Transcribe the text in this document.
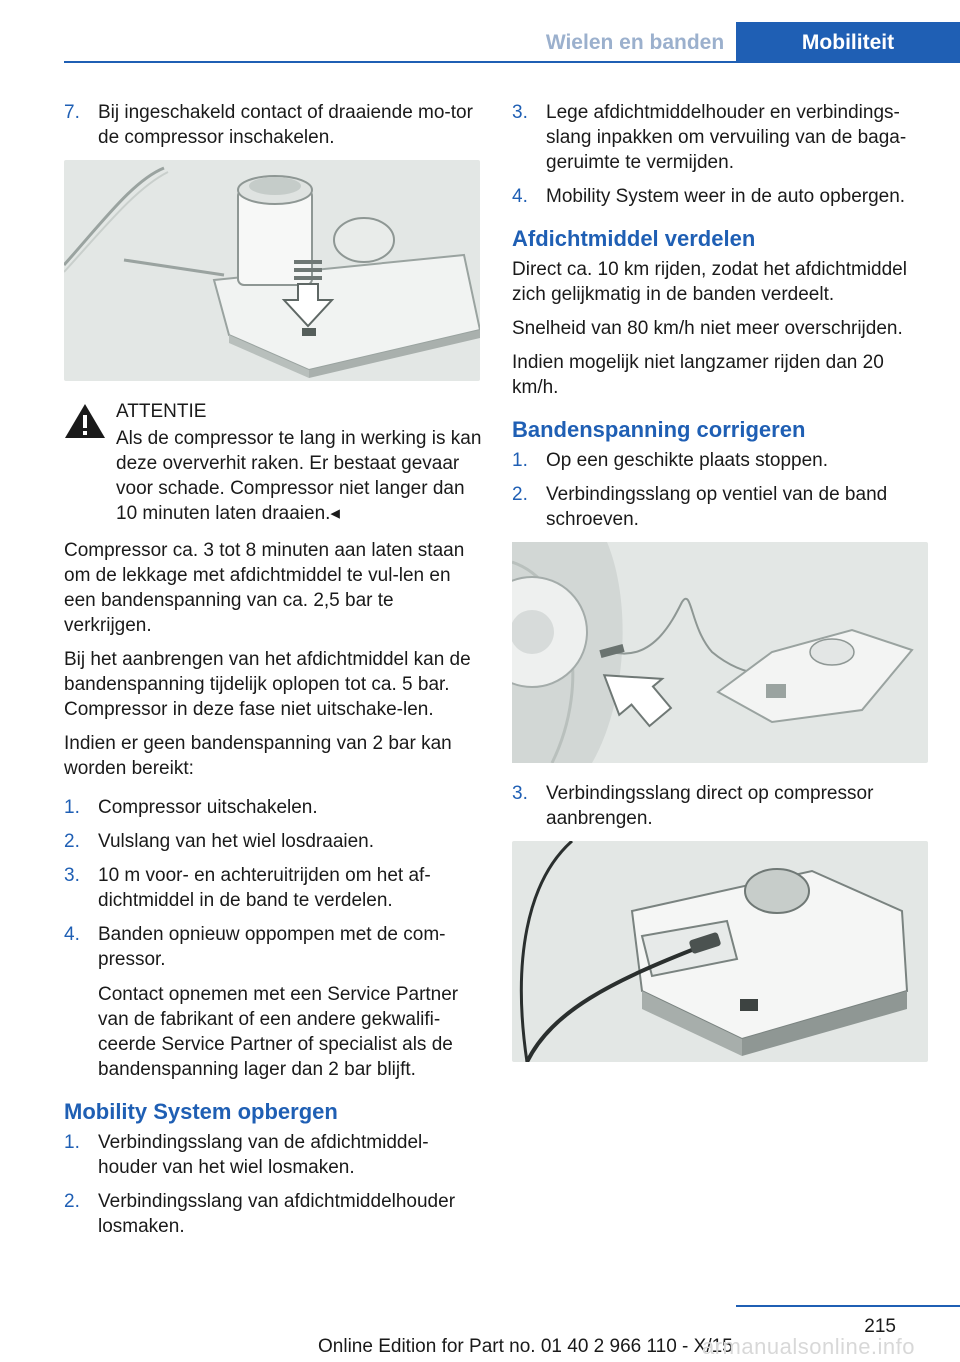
Wielen en banden	Mobiliteit
7. Bij ingeschakeld contact of draaiende mo‐tor de compressor inschakelen.
ATTENTIE
Als de compressor te lang in werking is kan deze oververhit raken. Er bestaat gevaar voor schade. Compressor niet langer dan 10 minuten laten draaien.◂

Compressor ca. 3 tot 8 minuten aan laten staan om de lekkage met afdichtmiddel te vul‐len en een bandenspanning van ca. 2,5 bar te verkrijgen.

Bij het aanbrengen van het afdichtmiddel kan de bandenspanning tijdelijk oplopen tot ca. 5 bar. Compressor in deze fase niet uitschake‐len.

Indien er geen bandenspanning van 2 bar kan worden bereikt:

1. Compressor uitschakelen.
2. Vulslang van het wiel losdraaien.
3. 10 m voor- en achteruitrijden om het af‐dichtmiddel in de band te verdelen.
4. Banden opnieuw oppompen met de com‐pressor.
Contact opnemen met een Service Partner van de fabrikant of een andere gekwalifi‐ceerde Service Partner of specialist als de bandenspanning lager dan 2 bar blijft.
Mobility System opbergen
1. Verbindingsslang van de afdichtmiddel‐houder van het wiel losmaken.
2. Verbindingsslang van afdichtmiddelhouder losmaken.
3. Lege afdichtmiddelhouder en verbindings‐slang inpakken om vervuiling van de baga‐geruimte te vermijden.
4. Mobility System weer in de auto opbergen.
Afdichtmiddel verdelen

Direct ca. 10 km rijden, zodat het afdichtmiddel zich gelijkmatig in de banden verdeelt.

Snelheid van 80 km/h niet meer overschrijden.

Indien mogelijk niet langzamer rijden dan 20 km/h.

Bandenspanning corrigeren
1. Op een geschikte plaats stoppen.
2. Verbindingsslang op ventiel van de band schroeven.
3. Verbindingsslang direct op compressor aanbrengen.
215
Online Edition for Part no. 01 40 2 966 110 - X/15
armanualsonline.info
